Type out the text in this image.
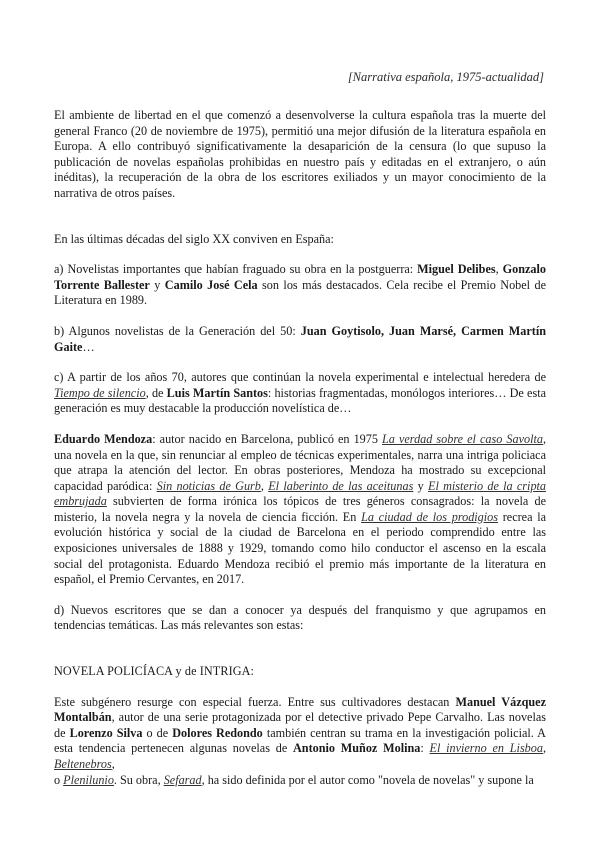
[Narrativa española, 1975-actualidad]

El ambiente de libertad en el que comenzó a desenvolverse la cultura española tras la muerte del general Franco (20 de noviembre de 1975), permitió una mejor difusión de la literatura española en Europa. A ello contribuyó significativamente la desaparición de la censura (lo que supuso la publicación de novelas españolas prohibidas en nuestro país y editadas en el extranjero, o aún inéditas), la recuperación de la obra de los escritores exiliados y un mayor conocimiento de la narrativa de otros países.

En las últimas décadas del siglo XX conviven en España:

a) Novelistas importantes que habían fraguado su obra en la postguerra: Miguel Delibes, Gonzalo Torrente Ballester y Camilo José Cela son los más destacados. Cela recibe el Premio Nobel de Literatura en 1989.

b) Algunos novelistas de la Generación del 50: Juan Goytisolo, Juan Marsé, Carmen Martín Gaite…

c) A partir de los años 70, autores que continúan la novela experimental e intelectual heredera de Tiempo de silencio, de Luis Martín Santos: historias fragmentadas, monólogos interiores… De esta generación es muy destacable la producción novelística de…

Eduardo Mendoza: autor nacido en Barcelona, publicó en 1975 La verdad sobre el caso Savolta, una novela en la que, sin renunciar al empleo de técnicas experimentales, narra una intriga policiaca que atrapa la atención del lector. En obras posteriores, Mendoza ha mostrado su excepcional capacidad paródica: Sin noticias de Gurb, El laberinto de las aceitunas y El misterio de la cripta embrujada subvierten de forma irónica los tópicos de tres géneros consagrados: la novela de misterio, la novela negra y la novela de ciencia ficción. En La ciudad de los prodigios recrea la evolución histórica y social de la ciudad de Barcelona en el periodo comprendido entre las exposiciones universales de 1888 y 1929, tomando como hilo conductor el ascenso en la escala social del protagonista. Eduardo Mendoza recibió el premio más importante de la literatura en español, el Premio Cervantes, en 2017.

d) Nuevos escritores que se dan a conocer ya después del franquismo y que agrupamos en tendencias temáticas. Las más relevantes son estas:

NOVELA POLICÍACA y de INTRIGA:

Este subgénero resurge con especial fuerza. Entre sus cultivadores destacan Manuel Vázquez Montalbán, autor de una serie protagonizada por el detective privado Pepe Carvalho. Las novelas de Lorenzo Silva o de Dolores Redondo también centran su trama en la investigación policial. A esta tendencia pertenecen algunas novelas de Antonio Muñoz Molina: El invierno en Lisboa, Beltenebros,

o Plenilunio. Su obra, Sefarad, ha sido definida por el autor como "novela de novelas" y supone la
